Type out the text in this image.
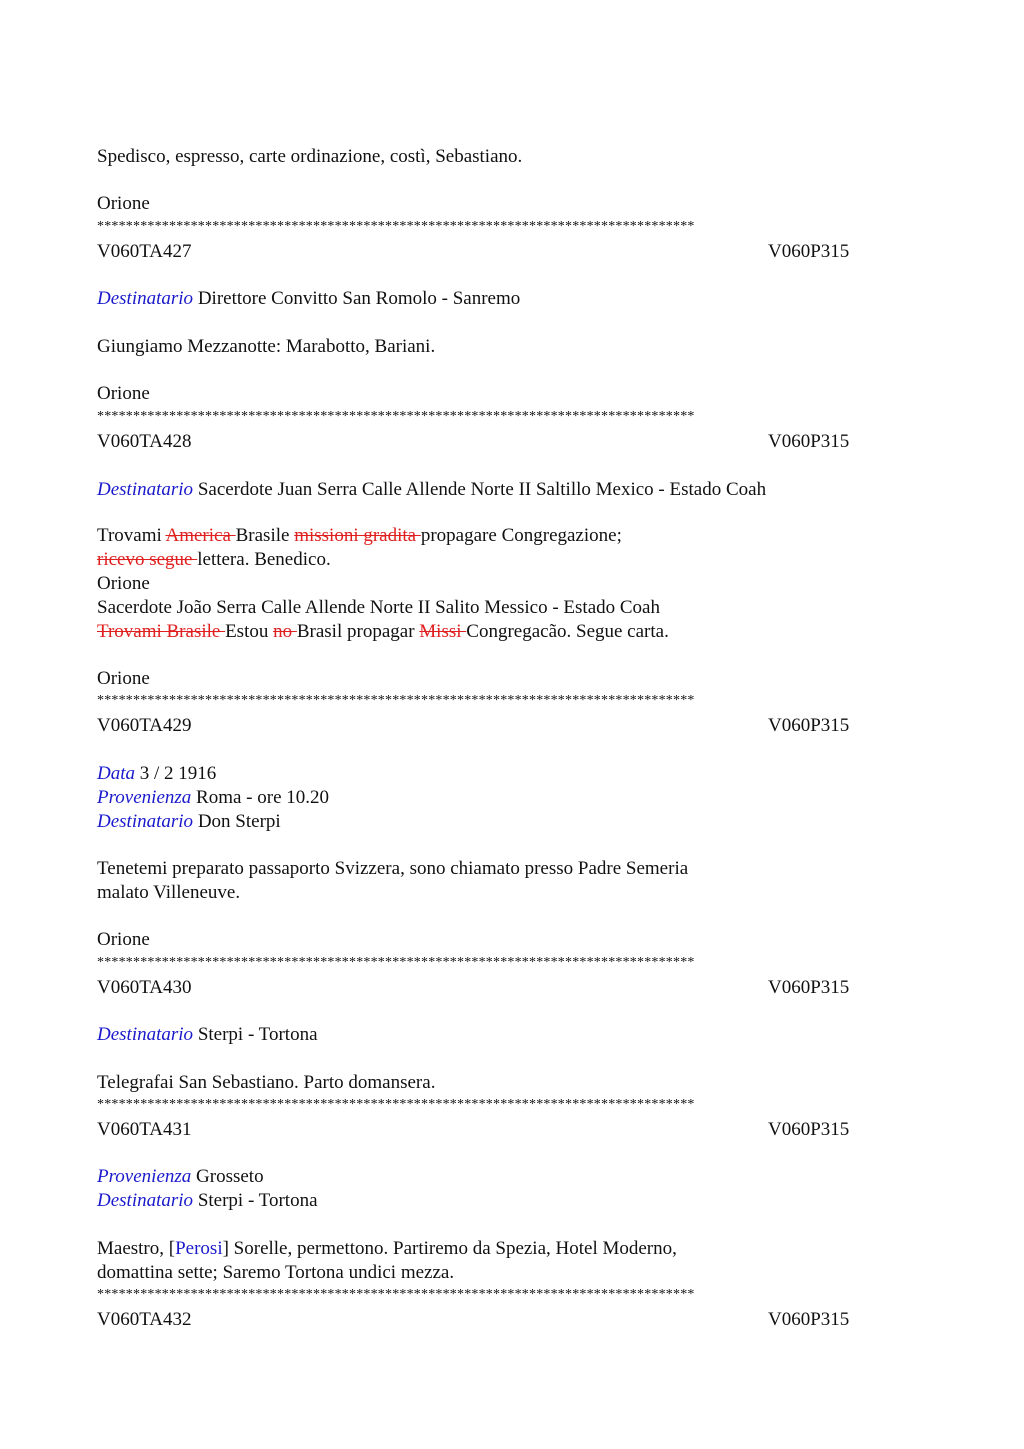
Spedisco, espresso, carte ordinazione, costì, Sebastiano.
Orione
***********************************************************************************
V060TA427	V060P315
Destinatario Direttore Convitto San Romolo - Sanremo
Giungiamo Mezzanotte: Marabotto, Bariani.
Orione
***********************************************************************************
V060TA428	V060P315
Destinatario Sacerdote Juan Serra Calle Allende Norte II Saltillo Mexico - Estado Coah
Trovami America Brasile missioni gradita propagare Congregazione;
ricevo segue lettera. Benedico.
Orione
Sacerdote João Serra Calle Allende Norte II Salito Messico - Estado Coah
Trovami Brasile Estou no Brasil propagar Missi Congregacão. Segue carta.
Orione
***********************************************************************************
V060TA429	V060P315
Data 3 / 2 1916
Provenienza Roma - ore 10.20
Destinatario Don Sterpi
Tenetemi preparato passaporto Svizzera, sono chiamato presso Padre Semeria
malato Villeneuve.
Orione
***********************************************************************************
V060TA430	V060P315
Destinatario Sterpi - Tortona
Telegrafai San Sebastiano. Parto domansera.
***********************************************************************************
V060TA431	V060P315
Provenienza Grosseto
Destinatario Sterpi - Tortona
Maestro, [Perosi] Sorelle, permettono. Partiremo da Spezia, Hotel Moderno,
domattina sette; Saremo Tortona undici mezza.
***********************************************************************************
V060TA432	V060P315
